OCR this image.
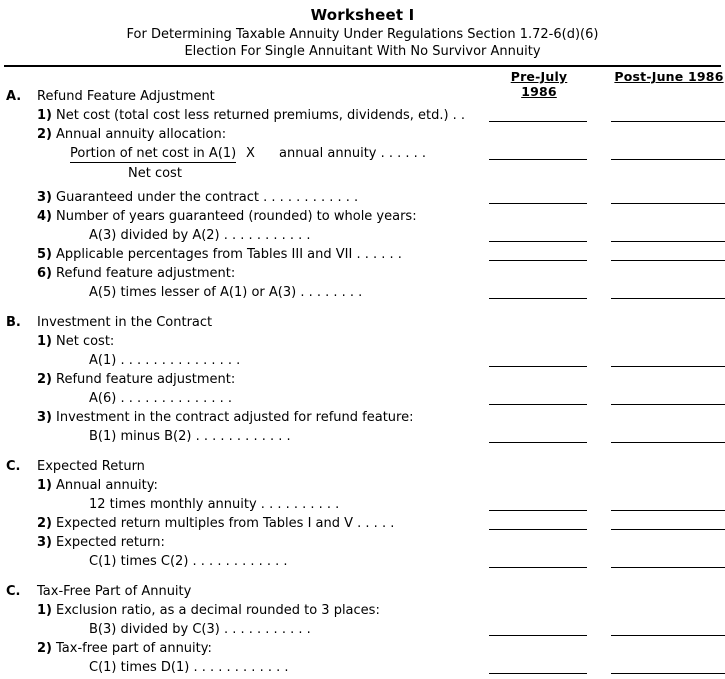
Worksheet I
For Determining Taxable Annuity Under Regulations Section 1.72-6(d)(6)
Election For Single Annuitant With No Survivor Annuity
Pre-July 1986
Post-June 1986
A.	Refund Feature Adjustment
1) Net cost (total cost less returned premiums, dividends, etd.) . .
2) Annual annuity allocation:
Portion of net cost in A(1) X annual annuity . . . . . .
Net cost
3) Guaranteed under the contract . . . . . . . . . . . .
4) Number of years guaranteed (rounded) to whole years:
A(3) divided by A(2) . . . . . . . . . . .
5) Applicable percentages from Tables III and VII . . . . . .
6) Refund feature adjustment:
A(5) times lesser of A(1) or A(3) . . . . . . . .
B.	Investment in the Contract
1) Net cost:
A(1) . . . . . . . . . . . . . . .
2) Refund feature adjustment:
A(6) . . . . . . . . . . . . . .
3) Investment in the contract adjusted for refund feature:
B(1) minus B(2) . . . . . . . . . . . .
C.	Expected Return
1) Annual annuity:
12 times monthly annuity . . . . . . . . . .
2) Expected return multiples from Tables I and V . . . . .
3) Expected return:
C(1) times C(2) . . . . . . . . . . . .
C.	Tax-Free Part of Annuity
1) Exclusion ratio, as a decimal rounded to 3 places:
B(3) divided by C(3) . . . . . . . . . . .
2) Tax-free part of annuity:
C(1) times D(1) . . . . . . . . . . . .
